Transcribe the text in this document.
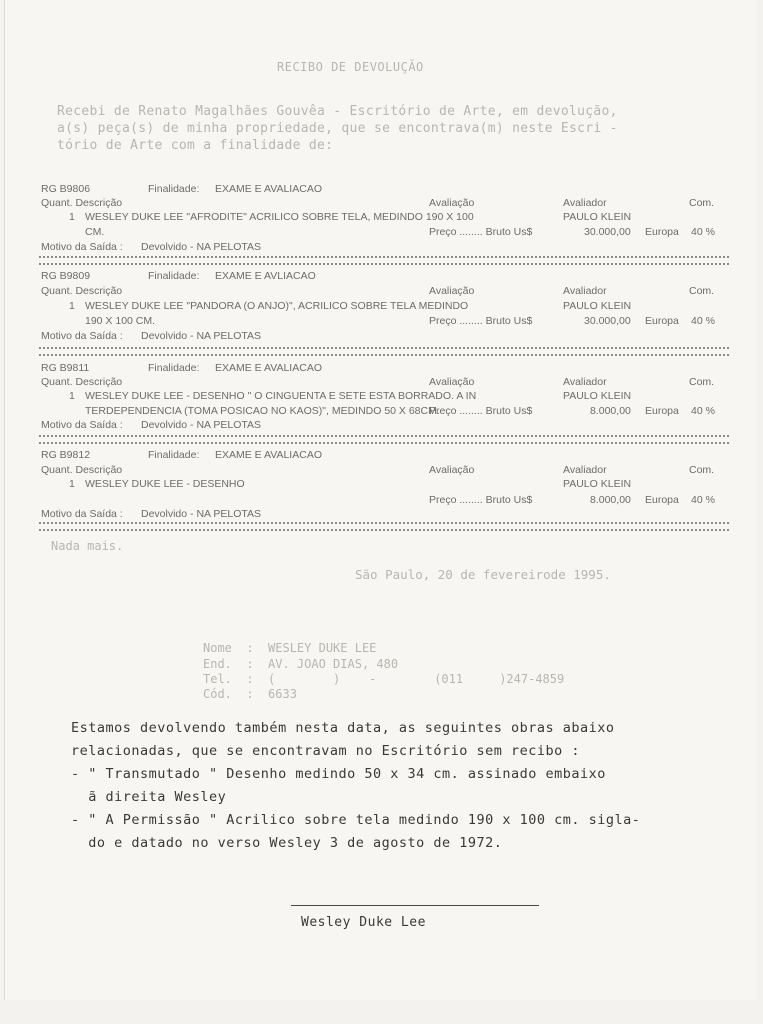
RECIBO DE DEVOLUÇÃO
Recebi de Renato Magalhães Gouvêa - Escritório de Arte, em devolução,
a(s) peça(s) de minha propriedade, que se encontrava(m) neste Escri -
tório de Arte com a finalidade de:
RG B9806	Finalidade: EXAME E AVALIACAO
Quant. Descrição	Avaliação	Avaliador	Com.
1 WESLEY DUKE LEE "AFRODITE" ACRILICO SOBRE TELA, MEDINDO 190 X 100	PAULO KLEIN
CM.	Preço ........ Bruto Us$	30.000,00 Europa 40 %
Motivo da Saída : Devolvido - NA PELOTAS
RG B9809	Finalidade: EXAME E AVLIACAO
Quant. Descrição	Avaliação	Avaliador	Com.
1 WESLEY DUKE LEE "PANDORA (O ANJO)", ACRILICO SOBRE TELA MEDINDO	PAULO KLEIN
190 X 100 CM.	Preço ........ Bruto Us$	30.000,00 Europa 40 %
Motivo da Saída : Devolvido - NA PELOTAS
RG B9811	Finalidade: EXAME E AVALIACAO
Quant. Descrição	Avaliação	Avaliador	Com.
1 WESLEY DUKE LEE - DESENHO " O CINGUENTA E SETE ESTA BORRADO. A IN	PAULO KLEIN
TERDEPENDENCIA (TOMA POSICAO NO KAOS)", MEDINDO 50 X 68CM.
Preço ........ Bruto Us$	8.000,00 Europa 40 %
Motivo da Saída : Devolvido - NA PELOTAS
RG B9812	Finalidade: EXAME E AVALIACAO
Quant. Descrição	Avaliação	Avaliador	Com.
1 WESLEY DUKE LEE - DESENHO	PAULO KLEIN
Preço ........ Bruto Us$	8.000,00 Europa 40 %
Motivo da Saída : Devolvido - NA PELOTAS
Nada mais.
São Paulo, 20 de fevereirode 1995.
Nome  :  WESLEY DUKE LEE
End.  :  AV. JOAO DIAS, 480
Tel.  :  (        )    -        (011     )247-4859
Cód.  :  6633
Estamos devolvendo também nesta data, as seguintes obras abaixo
relacionadas, que se encontravam no Escritório sem recibo :
- " Transmutado " Desenho medindo 50 x 34 cm. assinado embaixo
ã direita Wesley
- " A Permissão " Acrilico sobre tela medindo 190 x 100 cm. sigla-
do e datado no verso Wesley 3 de agosto de 1972.
Wesley Duke Lee
